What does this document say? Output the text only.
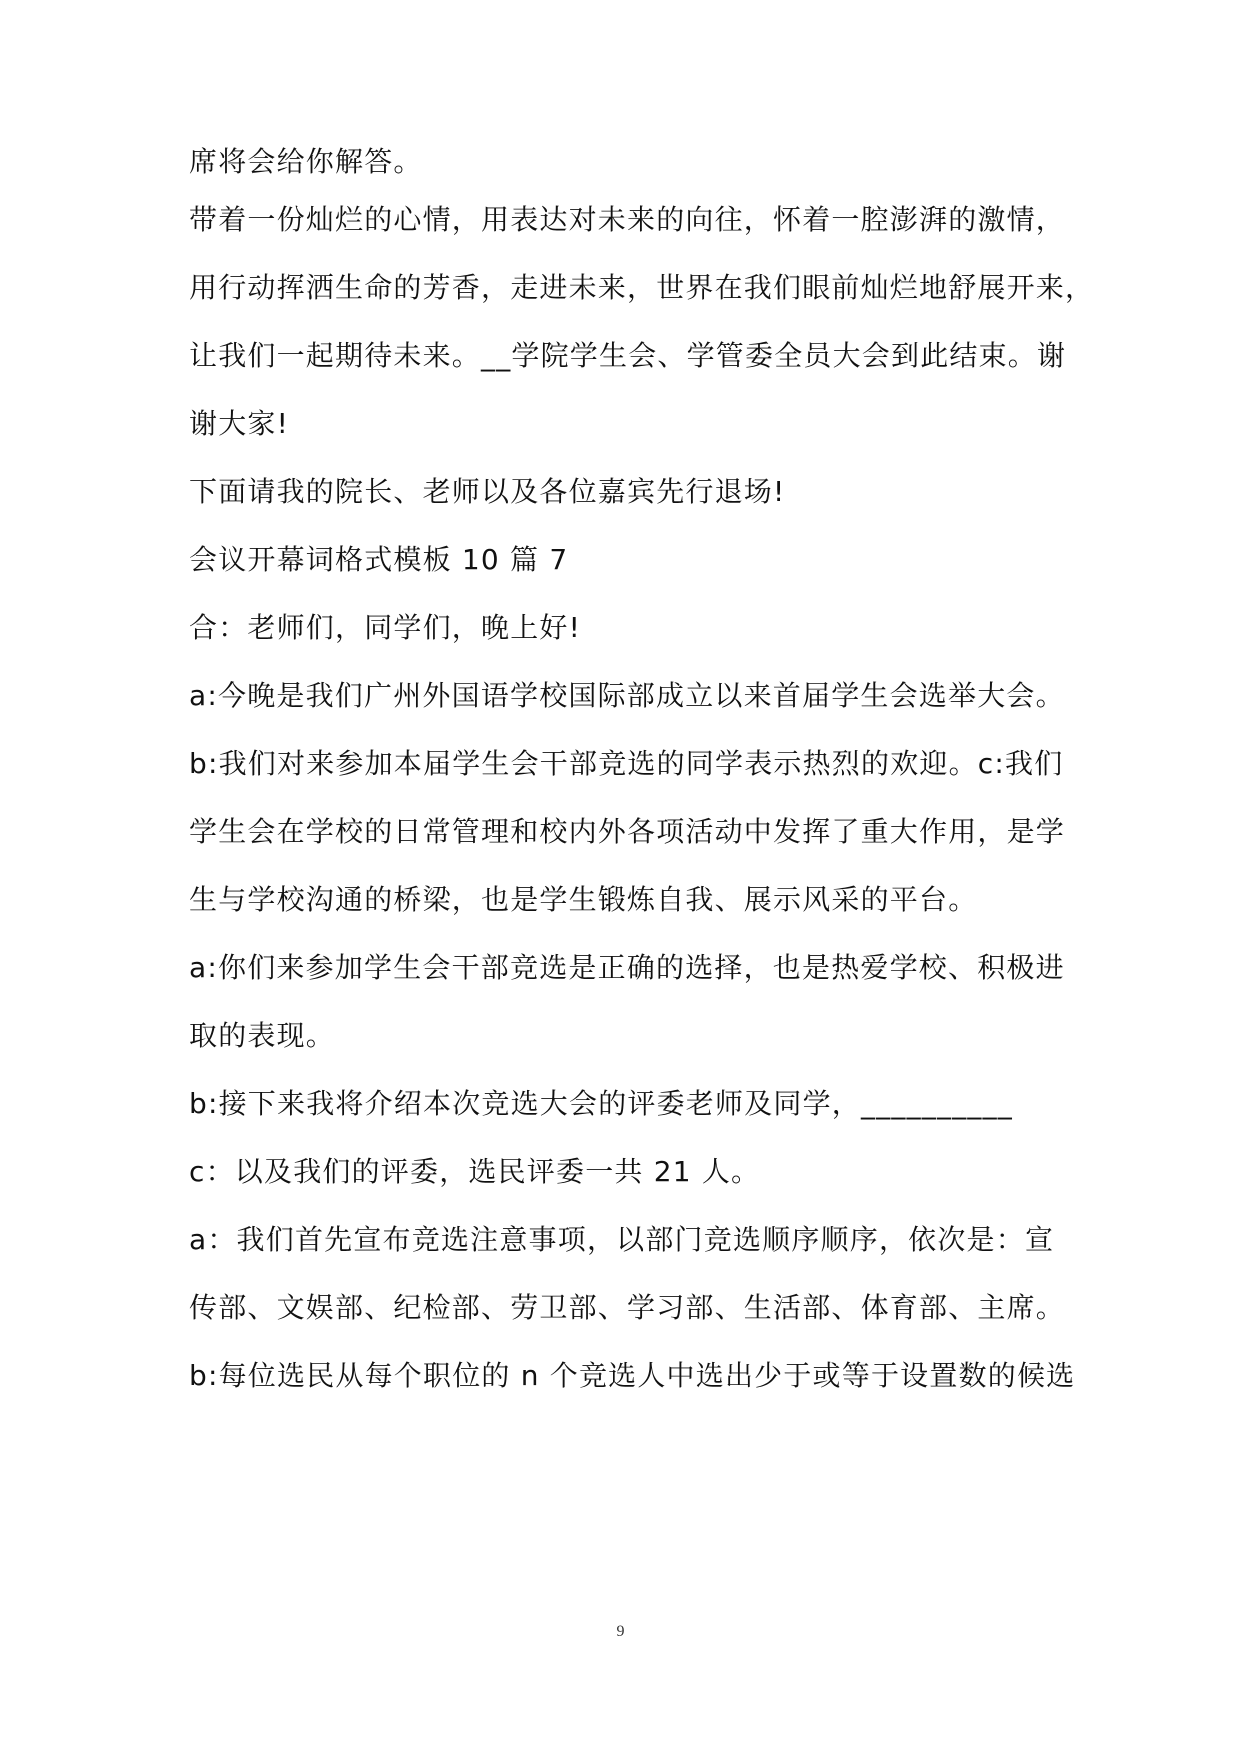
席将会给你解答。
带着一份灿烂的心情，用表达对未来的向往，怀着一腔澎湃的激情，
用行动挥洒生命的芳香，走进未来，世界在我们眼前灿烂地舒展开来，
让我们一起期待未来。__学院学生会、学管委全员大会到此结束。谢
谢大家!
下面请我的院长、老师以及各位嘉宾先行退场!
会议开幕词格式模板 10 篇 7
合：老师们，同学们，晚上好!
a:今晚是我们广州外国语学校国际部成立以来首届学生会选举大会。
b:我们对来参加本届学生会干部竞选的同学表示热烈的欢迎。c:我们
学生会在学校的日常管理和校内外各项活动中发挥了重大作用，是学
生与学校沟通的桥梁，也是学生锻炼自我、展示风采的平台。
a:你们来参加学生会干部竞选是正确的选择，也是热爱学校、积极进
取的表现。
b:接下来我将介绍本次竞选大会的评委老师及同学，__________
c：以及我们的评委，选民评委一共 21 人。
a：我们首先宣布竞选注意事项，以部门竞选顺序顺序，依次是：宣
传部、文娱部、纪检部、劳卫部、学习部、生活部、体育部、主席。
b:每位选民从每个职位的 n 个竞选人中选出少于或等于设置数的候选
9
